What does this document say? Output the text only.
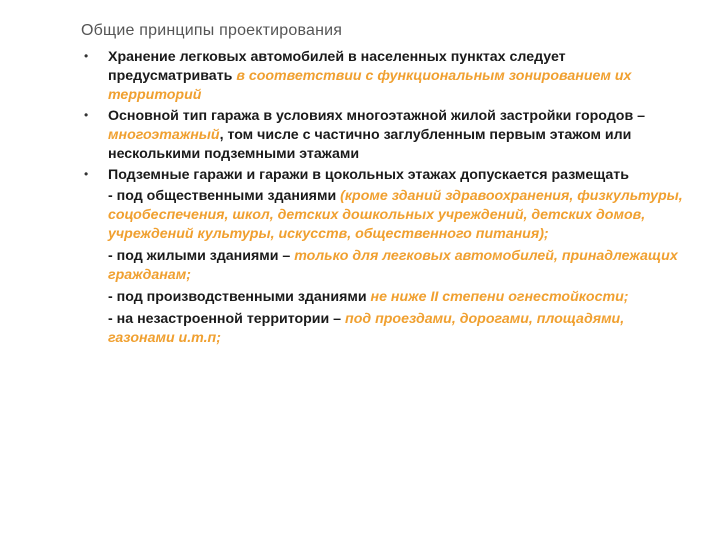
Общие принципы проектирования
• Хранение легковых автомобилей в населенных пунктах следует предусматривать в соответствии с функциональным зонированием их территорий
• Основной тип гаража в условиях многоэтажной жилой застройки городов – многоэтажный, том числе с частично заглубленным первым этажом или несколькими подземными этажами
• Подземные гаражи и гаражи в цокольных этажах допускается размещать
- под общественными зданиями (кроме зданий здравоохранения, физкультуры, соцобеспечения, школ, детских дошкольных учреждений, детских домов, учреждений культуры, искусств, общественного питания);
- под жилыми зданиями – только для легковых автомобилей, принадлежащих гражданам;
- под производственными зданиями не ниже II степени огнестойкости;
- на незастроенной территории – под проездами, дорогами, площадями, газонами и.т.п;
